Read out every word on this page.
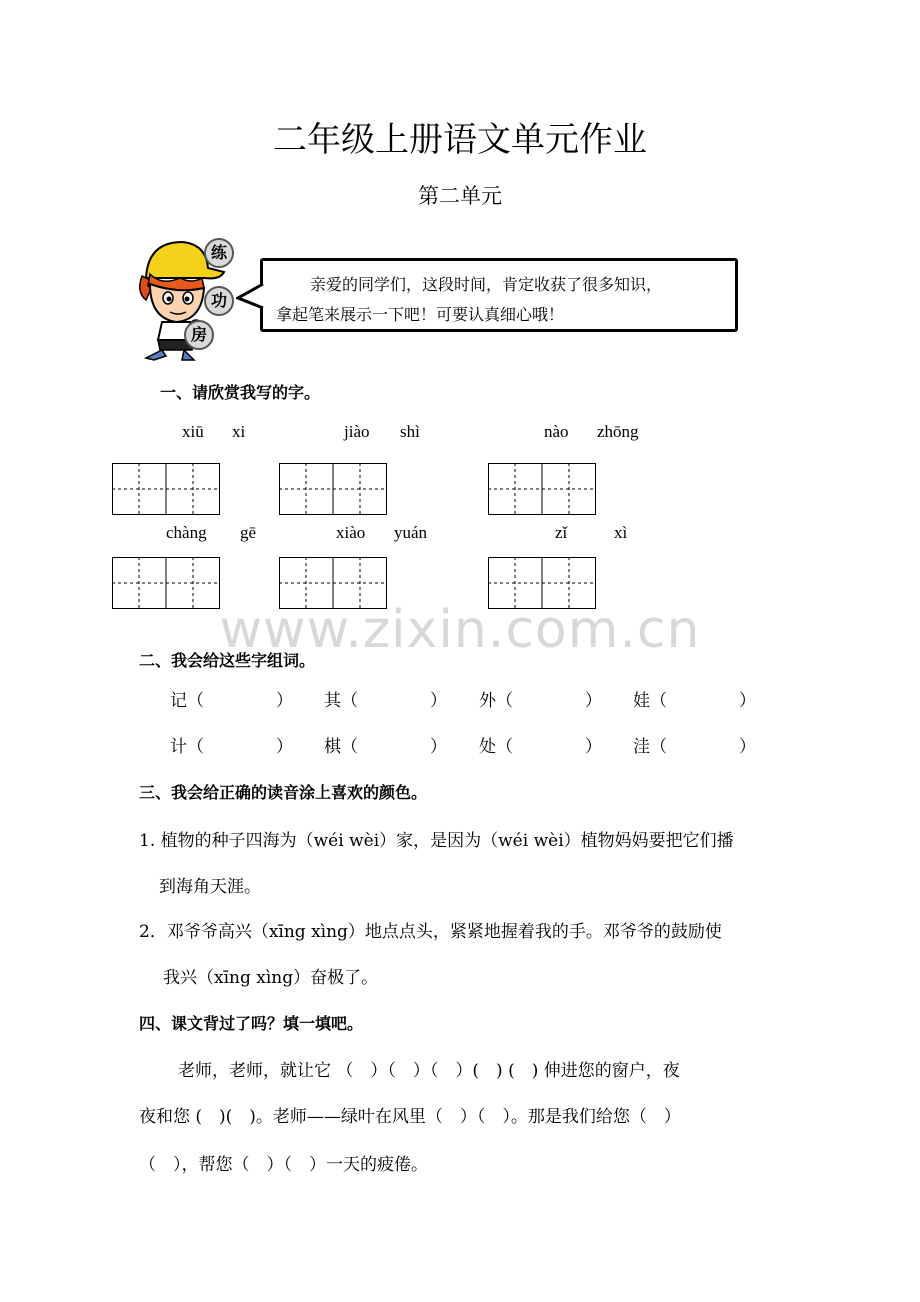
二年级上册语文单元作业
第二单元
练
功
房
亲爱的同学们，这段时间，肯定收获了很多知识，
拿起笔来展示一下吧！可要认真细心哦！
一、请欣赏我写的字。
xiū xi	jiào shì	nào zhōng
chàng gē	xiào yuán	zǐ	xì
www.zixin.com.cn
二、我会给这些字组词。
记（	） 其（	） 外（	） 娃（	）
计（	） 棋（	） 处（	） 洼（	）
三、我会给正确的读音涂上喜欢的颜色。
1. 植物的种子四海为（wéi wèi）家，是因为（wéi wèi）植物妈妈要把它们播
到海角天涯。
2．邓爷爷高兴（xīng xìng）地点点头，紧紧地握着我的手。邓爷爷的鼓励使
我兴（xīng xìng）奋极了。
四、课文背过了吗？填一填吧。
老师，老师，就让它 （　）（　）（　）(　) (　) 伸进您的窗户，夜
夜和您 (　)(　)。老师——绿叶在风里（　）（　）。那是我们给您（　）
（　），帮您（　）（　）一天的疲倦。
